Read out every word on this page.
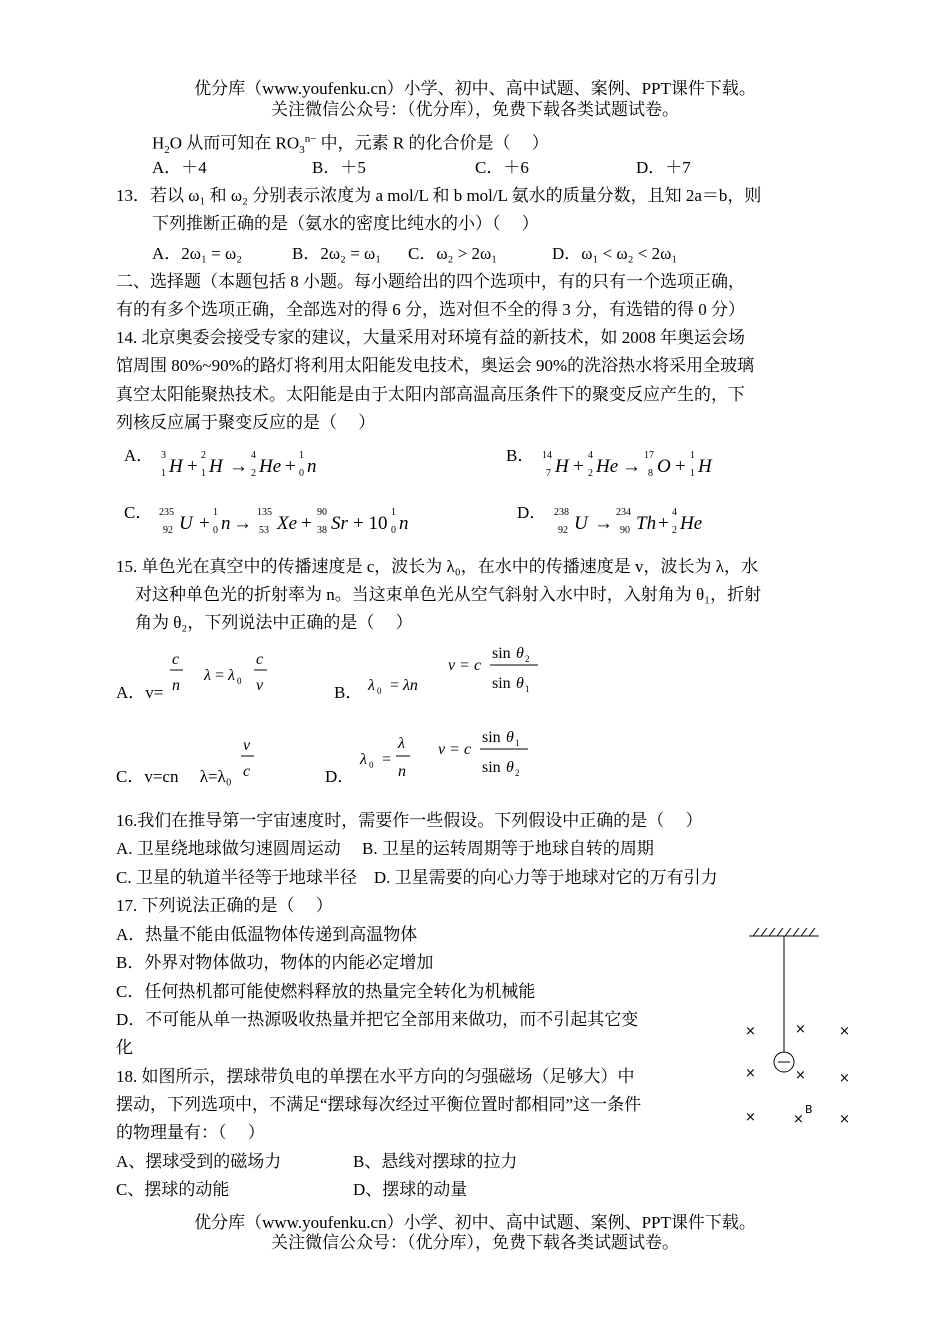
优分库（www.youfenku.cn）小学、初中、高中试题、案例、PPT课件下载。
关注微信公众号：（优分库），免费下载各类试题试卷。
$H_2O$ 从而可知在 $RO_3^{n-}$ 中，元素 R 的化合价是（　 ）
A．＋4	B．＋5	C．＋6	D．＋7
13．若以 ω₁ 和 ω₂ 分别表示浓度为 a mol/L 和 b mol/L 氨水的质量分数，且知 2a＝b，则
下列推断正确的是（氨水的密度比纯水的小）（　 ）
A．2ω₁ = ω₂	B．2ω₂ = ω₁ C．ω₂ > 2ω₁	D．ω₁ < ω₂ < 2ω₁
二、选择题（本题包括 8 小题。每小题给出的四个选项中，有的只有一个选项正确，
有的有多个选项正确，全部选对的得 6 分，选对但不全的得 3 分，有选错的得 0 分）
14. 北京奥委会接受专家的建议，大量采用对环境有益的新技术，如 2008 年奥运会场
馆周围 80%~90%的路灯将利用太阳能发电技术，奥运会 90%的洗浴热水将采用全玻璃
真空太阳能聚热技术。太阳能是由于太阳内部高温高压条件下的聚变反应产生的，下
列核反应属于聚变反应的是（　 ）
A． 3
1 H +
2
1 H →
4
2 He +
1
0 n
B． 14
7 H +
4
2 He →
17
8 O +
1
1 H
C． 235
92 U +
1
0 n →
135
53 Xe +
90
38 Sr + 10
1
0 n
D． 238
92 U →
234
90 Th +
4
2 He
15. 单色光在真空中的传播速度是 c，波长为 λ₀，在水中的传播速度是 v，波长为 λ，水
对这种单色光的折射率为 n。当这束单色光从空气斜射入水中时，入射角为 θ₁，折射
角为 θ₂，下列说法中正确的是（　 ）
A．v=
c
n
λ = λ 0
c
v	B． λ 0 = λn
v = c
sin θ 2
sin θ 1
C．v=cn　 λ=λ₀
v
c	D．
λ 0 =
λ
n
v = c
sin θ 1
sin θ 2
16.我们在推导第一宇宙速度时，需要作一些假设。下列假设中正确的是（　 ）
A. 卫星绕地球做匀速圆周运动　 B. 卫星的运转周期等于地球自转的周期
C. 卫星的轨道半径等于地球半径　D. 卫星需要的向心力等于地球对它的万有引力
17. 下列说法正确的是（　 ）
A．热量不能由低温物体传递到高温物体
B．外界对物体做功，物体的内能必定增加
C．任何热机都可能使燃料释放的热量完全转化为机械能
D．不可能从单一热源吸收热量并把它全部用来做功，而不引起其它变
化
18. 如图所示，摆球带负电的单摆在水平方向的匀强磁场（足够大）中
摆动，下列选项中，不满足“摆球每次经过平衡位置时都相同”这一条件
的物理量有：（　 ）
A、摆球受到的磁场力	B、悬线对摆球的拉力
C、摆球的动能	D、摆球的动量
×	×	×
×	×	×
×	×	×
B
优分库（www.youfenku.cn）小学、初中、高中试题、案例、PPT课件下载。
关注微信公众号：（优分库），免费下载各类试题试卷。
